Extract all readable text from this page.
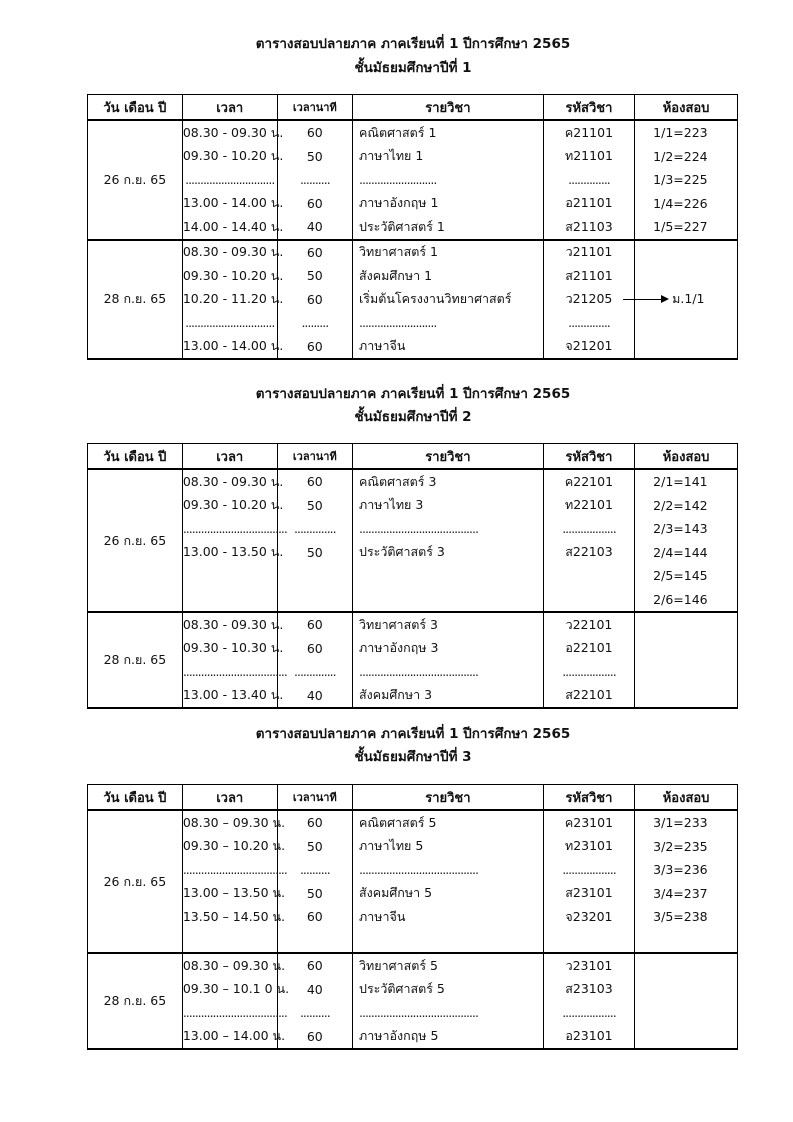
ตารางสอบปลายภาค ภาคเรียนที่ 1 ปีการศึกษา 2565
ชั้นมัธยมศึกษาปีที่ 1
วัน เดือน ปี	เวลา	เวลานาที	รายวิชา	รหัสวิชา	ห้องสอบ
26 ก.ย. 65	08.30 - 09.30 น.	60	คณิตศาสตร์ 1	ค21101	1/1=223
	09.30 - 10.20 น.	50	ภาษาไทย 1	ท21101	1/2=224
	..............................	..........	..........................	..............	1/3=225
	13.00 - 14.00 น.	60	ภาษาอังกฤษ 1	อ21101	1/4=226
	14.00 - 14.40 น.	40	ประวัติศาสตร์ 1	ส21103	1/5=227
28 ก.ย. 65	08.30 - 09.30 น.	60	วิทยาศาสตร์ 1	ว21101	
	09.30 - 10.20 น.	50	สังคมศึกษา 1	ส21101	
	10.20 - 11.20 น.	60	เริ่มต้นโครงงานวิทยาศาสตร์	ว21205	ม.1/1

	..............................	.........	..........................	..............	
	13.00 - 14.00 น.	60	ภาษาจีน	จ21201	
ตารางสอบปลายภาค ภาคเรียนที่ 1 ปีการศึกษา 2565
ชั้นมัธยมศึกษาปีที่ 2
วัน เดือน ปี	เวลา	เวลานาที	รายวิชา	รหัสวิชา	ห้องสอบ
26 ก.ย. 65	08.30 - 09.30 น.	60	คณิตศาสตร์ 3	ค22101	2/1=141
	09.30 - 10.20 น.	50	ภาษาไทย 3	ท22101	2/2=142
	...................................	..............	........................................	..................	2/3=143
	13.00 - 13.50 น.	50	ประวัติศาสตร์ 3	ส22103	2/4=144
					2/5=145
					2/6=146
28 ก.ย. 65	08.30 - 09.30 น.	60	วิทยาศาสตร์ 3	ว22101	
	09.30 - 10.30 น.	60	ภาษาอังกฤษ 3	อ22101	
	...................................	..............	........................................	..................	
	13.00 - 13.40 น.	40	สังคมศึกษา 3	ส22101	
ตารางสอบปลายภาค ภาคเรียนที่ 1 ปีการศึกษา 2565
ชั้นมัธยมศึกษาปีที่ 3
วัน เดือน ปี	เวลา	เวลานาที	รายวิชา	รหัสวิชา	ห้องสอบ
26 ก.ย. 65	08.30 – 09.30 น.	60	คณิตศาสตร์ 5	ค23101	3/1=233
	09.30 – 10.20 น.	50	ภาษาไทย 5	ท23101	3/2=235
	...................................	..........	........................................	..................	3/3=236
	13.00 – 13.50 น.	50	สังคมศึกษา 5	ส23101	3/4=237
	13.50 – 14.50 น.	60	ภาษาจีน	จ23201	3/5=238

28 ก.ย. 65	08.30 – 09.30 น.	60	วิทยาศาสตร์ 5	ว23101	
	09.30 – 10.1 0 น.	40	ประวัติศาสตร์ 5	ส23103	
	...................................	..........	........................................	..................	
	13.00 – 14.00 น.	60	ภาษาอังกฤษ 5	อ23101	
